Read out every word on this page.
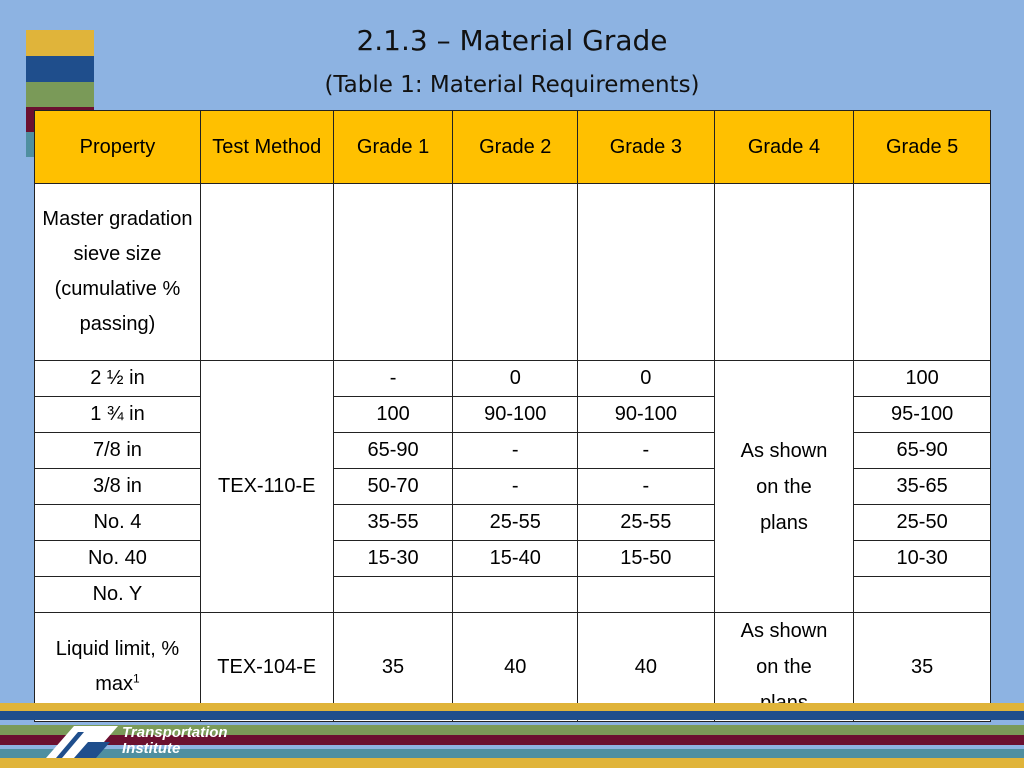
2.1.3 – Material Grade
(Table 1: Material Requirements)
Property	Test Method	Grade 1	Grade 2	Grade 3	Grade 4	Grade 5
Master gradation sieve size (cumulative % passing)						
2 ½ in	TEX-110-E	-	0	0	As shown on the plans	100
1 ¾ in		100	90-100	90-100		95-100
7/8 in		65-90	-	-		65-90
3/8 in		50-70	-	-		35-65
No. 4		35-55	25-55	25-55		25-50
No. 40		15-30	15-40	15-50		10-30
No. Y						
Liquid limit, % $\max^1$	TEX-104-E	35	40	40	As shown on the	35
Transportation
Institute
